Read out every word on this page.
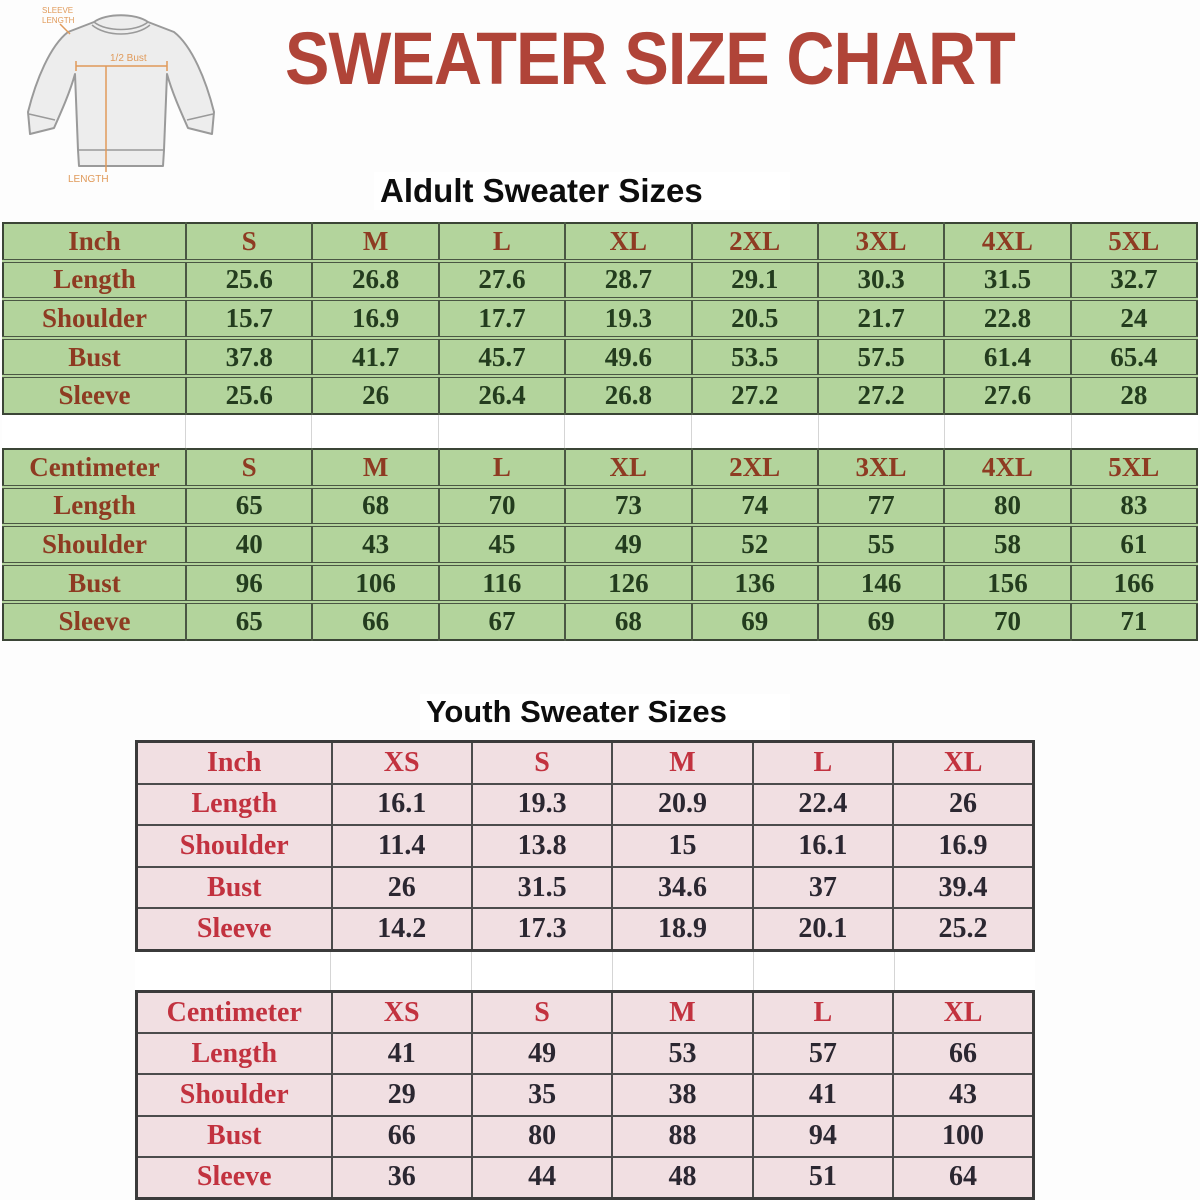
SLEEVE
LENGTH
1/2 Bust
LENGTH
SWEATER SIZE CHART
Aldult Sweater Sizes
Inch	S	M	L	XL	2XL	3XL	4XL	5XL
Length	25.6	26.8	27.6	28.7	29.1	30.3	31.5	32.7
Shoulder	15.7	16.9	17.7	19.3	20.5	21.7	22.8	24
Bust	37.8	41.7	45.7	49.6	53.5	57.5	61.4	65.4
Sleeve	25.6	26	26.4	26.8	27.2	27.2	27.6	28

Centimeter	S	M	L	XL	2XL	3XL	4XL	5XL
Length	65	68	70	73	74	77	80	83
Shoulder	40	43	45	49	52	55	58	61
Bust	96	106	116	126	136	146	156	166
Sleeve	65	66	67	68	69	69	70	71
Youth Sweater Sizes
Inch	XS	S	M	L	XL
Length	16.1	19.3	20.9	22.4	26
Shoulder	11.4	13.8	15	16.1	16.9
Bust	26	31.5	34.6	37	39.4
Sleeve	14.2	17.3	18.9	20.1	25.2

Centimeter	XS	S	M	L	XL
Length	41	49	53	57	66
Shoulder	29	35	38	41	43
Bust	66	80	88	94	100
Sleeve	36	44	48	51	64
